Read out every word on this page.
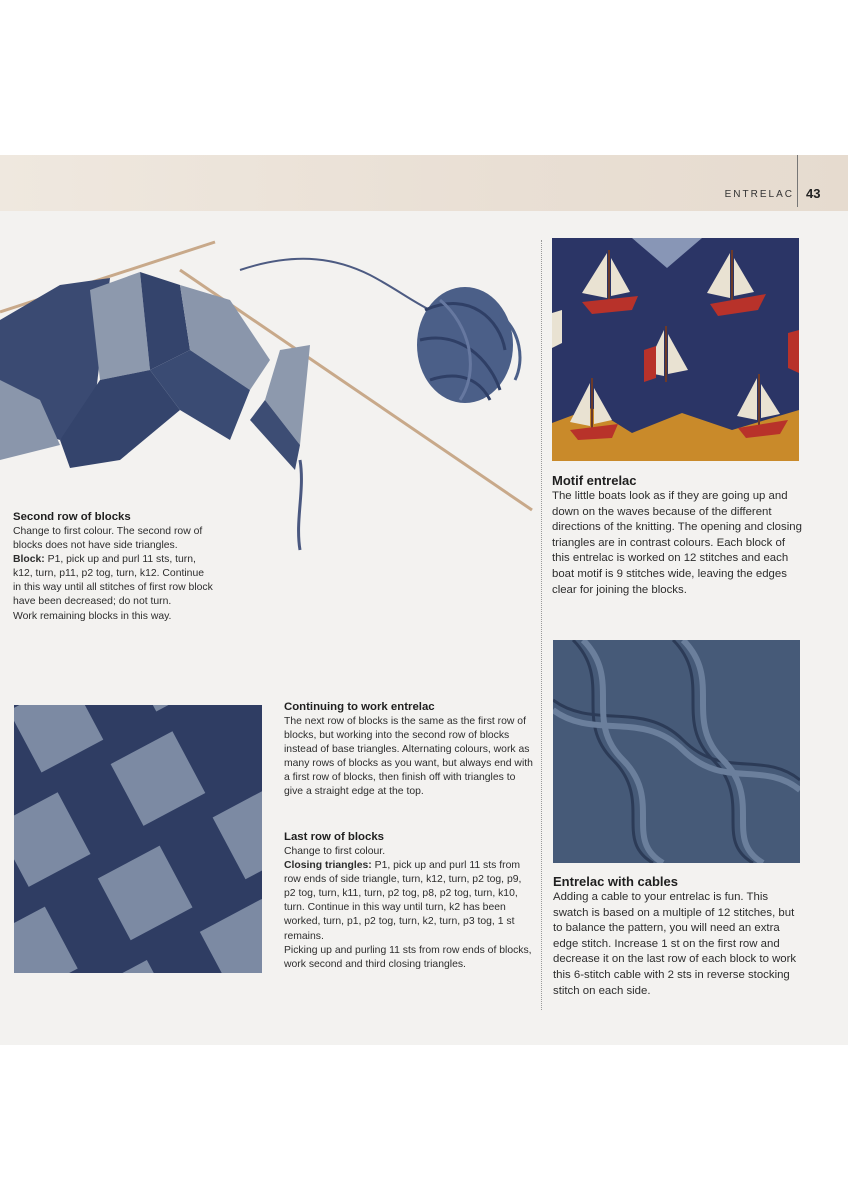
ENTRELAC 43

Second row of blocks

Change to first colour. The second row of blocks does not have side triangles.

Block: P1, pick up and purl 11 sts, turn, k12, turn, p11, p2 tog, turn, k12. Continue in this way until all stitches of first row block have been decreased; do not turn.

Work remaining blocks in this way.

Continuing to work entrelac

The next row of blocks is the same as the first row of blocks, but working into the second row of blocks instead of base triangles. Alternating colours, work as many rows of blocks as you want, but always end with a first row of blocks, then finish off with triangles to give a straight edge at the top.

Last row of blocks

Change to first colour.

Closing triangles: P1, pick up and purl 11 sts from row ends of side triangle, turn, k12, turn, p2 tog, p9, p2 tog, turn, k11, turn, p2 tog, p8, p2 tog, turn, k10, turn. Continue in this way until turn, k2 has been worked, turn, p1, p2 tog, turn, k2, turn, p3 tog, 1 st remains.

Picking up and purling 11 sts from row ends of blocks, work second and third closing triangles.

Motif entrelac

The little boats look as if they are going up and down on the waves because of the different directions of the knitting. The opening and closing triangles are in contrast colours. Each block of this entrelac is worked on 12 stitches and each boat motif is 9 stitches wide, leaving the edges clear for joining the blocks.

Entrelac with cables

Adding a cable to your entrelac is fun. This swatch is based on a multiple of 12 stitches, but to balance the pattern, you will need an extra edge stitch. Increase 1 st on the first row and decrease it on the last row of each block to work this 6-stitch cable with 2 sts in reverse stocking stitch on each side.
